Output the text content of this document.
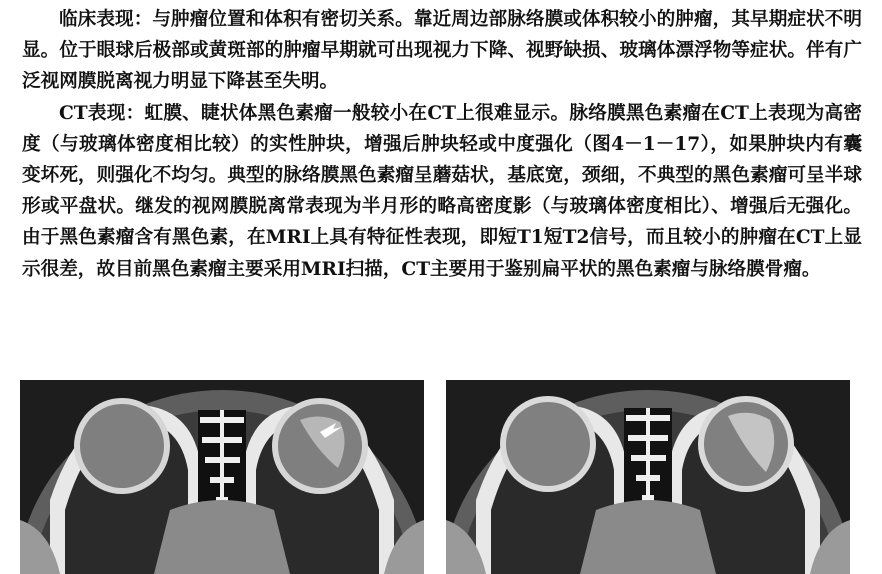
临床表现：与肿瘤位置和体积有密切关系。靠近周边部脉络膜或体积较小的肿瘤，其早期症状不明显。位于眼球后极部或黄斑部的肿瘤早期就可出现视力下降、视野缺损、玻璃体漂浮物等症状。伴有广泛视网膜脱离视力明显下降甚至失明。

CT表现：虹膜、睫状体黑色素瘤一般较小在CT上很难显示。脉络膜黑色素瘤在CT上表现为高密度（与玻璃体密度相比较）的实性肿块，增强后肿块轻或中度强化（图4－1－17），如果肿块内有囊变坏死，则强化不均匀。典型的脉络膜黑色素瘤呈蘑菇状，基底宽，颈细，不典型的黑色素瘤可呈半球形或平盘状。继发的视网膜脱离常表现为半月形的略高密度影（与玻璃体密度相比）、增强后无强化。由于黑色素瘤含有黑色素，在MRI上具有特征性表现，即短T1短T2信号，而且较小的肿瘤在CT上显示很差，故目前黑色素瘤主要采用MRI扫描，CT主要用于鉴别扁平状的黑色素瘤与脉络膜骨瘤。
